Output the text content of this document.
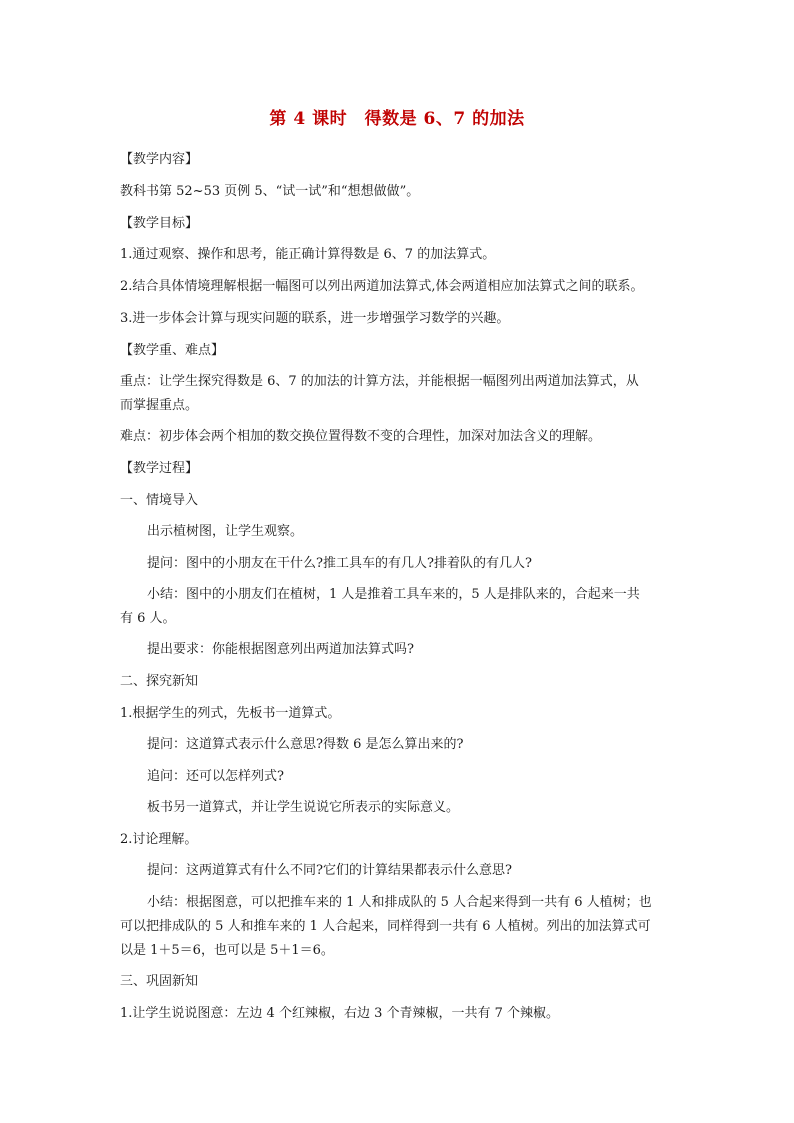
第 4 课时　得数是 6、7 的加法
【教学内容】
教科书第 52~53 页例 5、“试一试”和“想想做做”。
【教学目标】
1.通过观察、操作和思考，能正确计算得数是 6、7 的加法算式。
2.结合具体情境理解根据一幅图可以列出两道加法算式,体会两道相应加法算式之间的联系。
3.进一步体会计算与现实问题的联系，进一步增强学习数学的兴趣。
【教学重、难点】
重点：让学生探究得数是 6、7 的加法的计算方法，并能根据一幅图列出两道加法算式，从
而掌握重点。
难点：初步体会两个相加的数交换位置得数不变的合理性，加深对加法含义的理解。
【教学过程】
一、情境导入
出示植树图，让学生观察。
提问：图中的小朋友在干什么?推工具车的有几人?排着队的有几人?
小结：图中的小朋友们在植树，1 人是推着工具车来的，5 人是排队来的，合起来一共
有 6 人。
提出要求：你能根据图意列出两道加法算式吗?
二、探究新知
1.根据学生的列式，先板书一道算式。
提问：这道算式表示什么意思?得数 6 是怎么算出来的?
追问：还可以怎样列式?
板书另一道算式，并让学生说说它所表示的实际意义。
2.讨论理解。
提问：这两道算式有什么不同?它们的计算结果都表示什么意思?
小结：根据图意，可以把推车来的 1 人和排成队的 5 人合起来得到一共有 6 人植树；也
可以把排成队的 5 人和推车来的 1 人合起来，同样得到一共有 6 人植树。列出的加法算式可
以是 1＋5＝6，也可以是 5＋1＝6。
三、巩固新知
1.让学生说说图意：左边 4 个红辣椒，右边 3 个青辣椒，一共有 7 个辣椒。
